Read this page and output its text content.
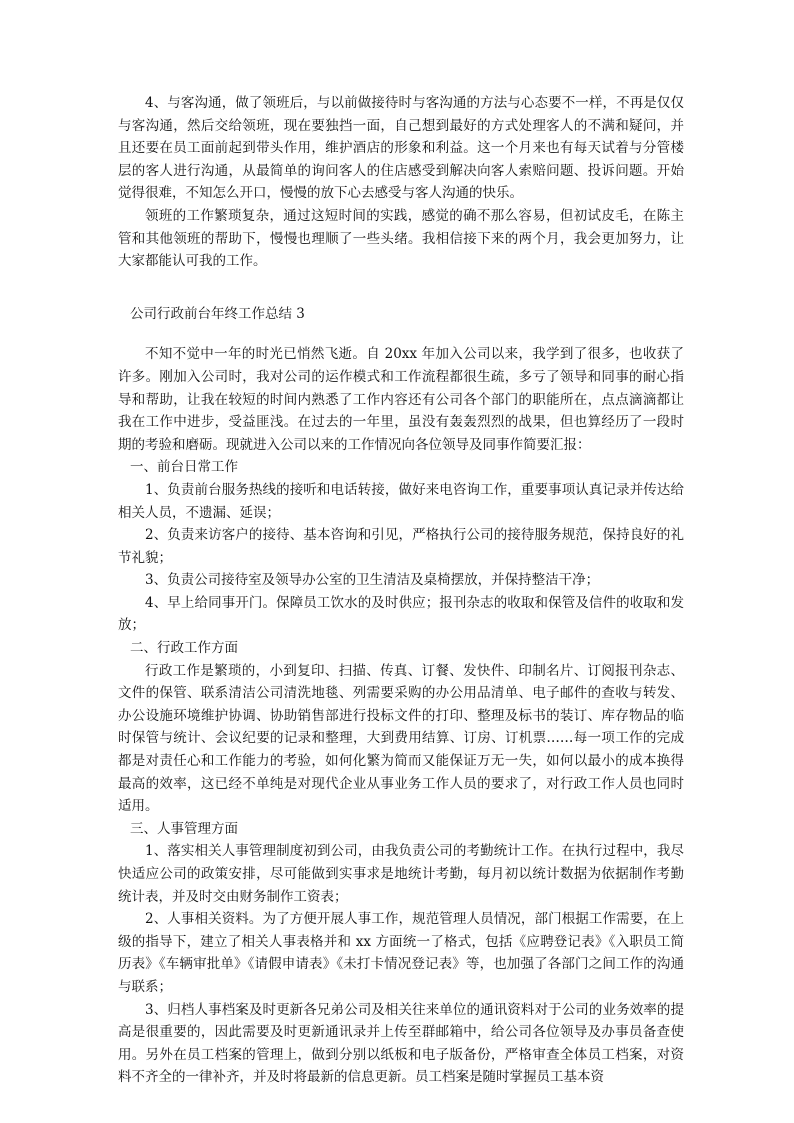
4、与客沟通，做了领班后，与以前做接待时与客沟通的方法与心态要不一样，不再是仅仅与客沟通，然后交给领班，现在要独挡一面，自己想到最好的方式处理客人的不满和疑问，并且还要在员工面前起到带头作用，维护酒店的形象和利益。这一个月来也有每天试着与分管楼层的客人进行沟通，从最简单的询问客人的住店感受到解决向客人索赔问题、投诉问题。开始觉得很难，不知怎么开口，慢慢的放下心去感受与客人沟通的快乐。

领班的工作繁琐复杂，通过这短时间的实践，感觉的确不那么容易，但初试皮毛，在陈主管和其他领班的帮助下，慢慢也理顺了一些头绪。我相信接下来的两个月，我会更加努力，让大家都能认可我的工作。

公司行政前台年终工作总结 3

不知不觉中一年的时光已悄然飞逝。自 20xx 年加入公司以来，我学到了很多，也收获了许多。刚加入公司时，我对公司的运作模式和工作流程都很生疏，多亏了领导和同事的耐心指导和帮助，让我在较短的时间内熟悉了工作内容还有公司各个部门的职能所在，点点滴滴都让我在工作中进步，受益匪浅。在过去的一年里，虽没有轰轰烈烈的战果，但也算经历了一段时期的考验和磨砺。现就进入公司以来的工作情况向各位领导及同事作简要汇报：

一、前台日常工作

1、负责前台服务热线的接听和电话转接，做好来电咨询工作，重要事项认真记录并传达给相关人员，不遗漏、延误；

2、负责来访客户的接待、基本咨询和引见，严格执行公司的接待服务规范，保持良好的礼节礼貌；

3、负责公司接待室及领导办公室的卫生清洁及桌椅摆放，并保持整洁干净；

4、早上给同事开门。保障员工饮水的及时供应；报刊杂志的收取和保管及信件的收取和发放；

二、行政工作方面

行政工作是繁琐的，小到复印、扫描、传真、订餐、发快件、印制名片、订阅报刊杂志、文件的保管、联系清洁公司清洗地毯、列需要采购的办公用品清单、电子邮件的查收与转发、办公设施环境维护协调、协助销售部进行投标文件的打印、整理及标书的装订、库存物品的临时保管与统计、会议纪要的记录和整理，大到费用结算、订房、订机票……每一项工作的完成都是对责任心和工作能力的考验，如何化繁为简而又能保证万无一失，如何以最小的成本换得最高的效率，这已经不单纯是对现代企业从事业务工作人员的要求了，对行政工作人员也同时适用。

三、人事管理方面

1、落实相关人事管理制度初到公司，由我负责公司的考勤统计工作。在执行过程中，我尽快适应公司的政策安排，尽可能做到实事求是地统计考勤，每月初以统计数据为依据制作考勤统计表，并及时交由财务制作工资表；

2、人事相关资料。为了方便开展人事工作，规范管理人员情况，部门根据工作需要，在上级的指导下，建立了相关人事表格并和 xx 方面统一了格式，包括《应聘登记表》《入职员工简历表》《车辆审批单》《请假申请表》《未打卡情况登记表》等，也加强了各部门之间工作的沟通与联系；

3、归档人事档案及时更新各兄弟公司及相关往来单位的通讯资料对于公司的业务效率的提高是很重要的，因此需要及时更新通讯录并上传至群邮箱中，给公司各位领导及办事员备查使用。另外在员工档案的管理上，做到分别以纸板和电子版备份，严格审查全体员工档案，对资料不齐全的一律补齐，并及时将最新的信息更新。员工档案是随时掌握员工基本资
